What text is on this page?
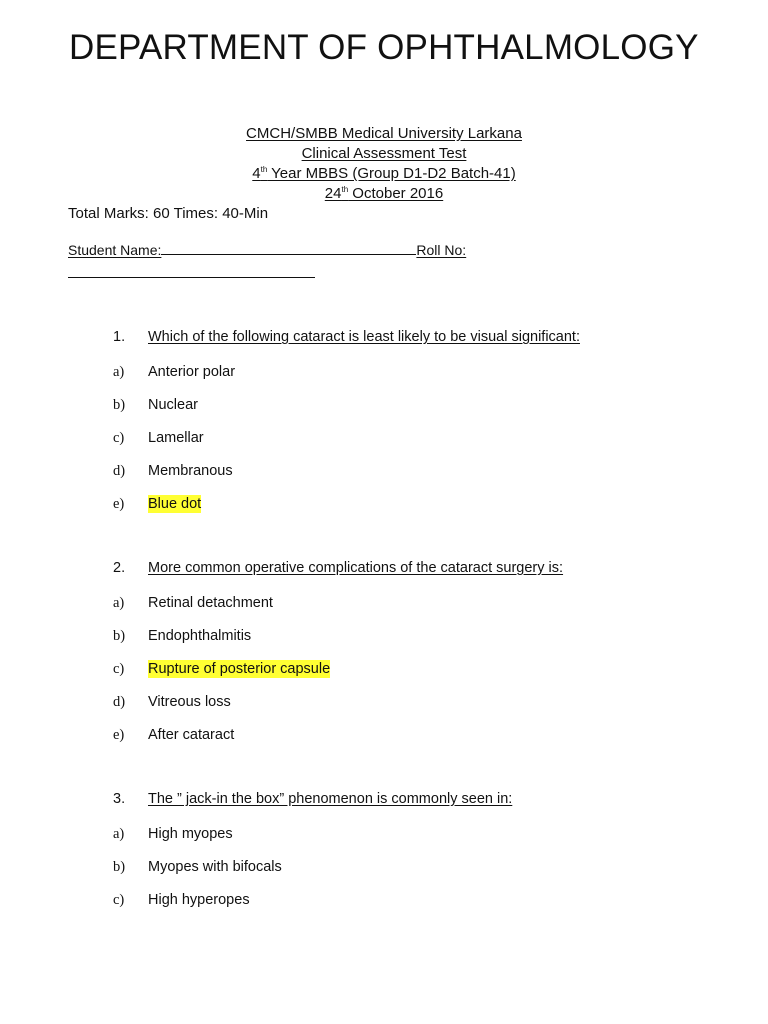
DEPARTMENT OF OPHTHALMOLOGY
CMCH/SMBB Medical University Larkana
Clinical Assessment Test
4th Year MBBS (Group D1-D2 Batch-41)
24th October 2016
Total Marks: 60 Times: 40-Min
Student Name:	Roll No:
1. Which of the following cataract is least likely to be visual significant:
a) Anterior polar
b) Nuclear
c) Lamellar
d) Membranous
e) Blue dot
2. More common operative complications of the cataract surgery is:
a) Retinal detachment
b) Endophthalmitis
c) Rupture of posterior capsule
d) Vitreous loss
e) After cataract
3. The ” jack-in the box” phenomenon is commonly seen in:
a) High myopes
b) Myopes with bifocals
c) High hyperopes
